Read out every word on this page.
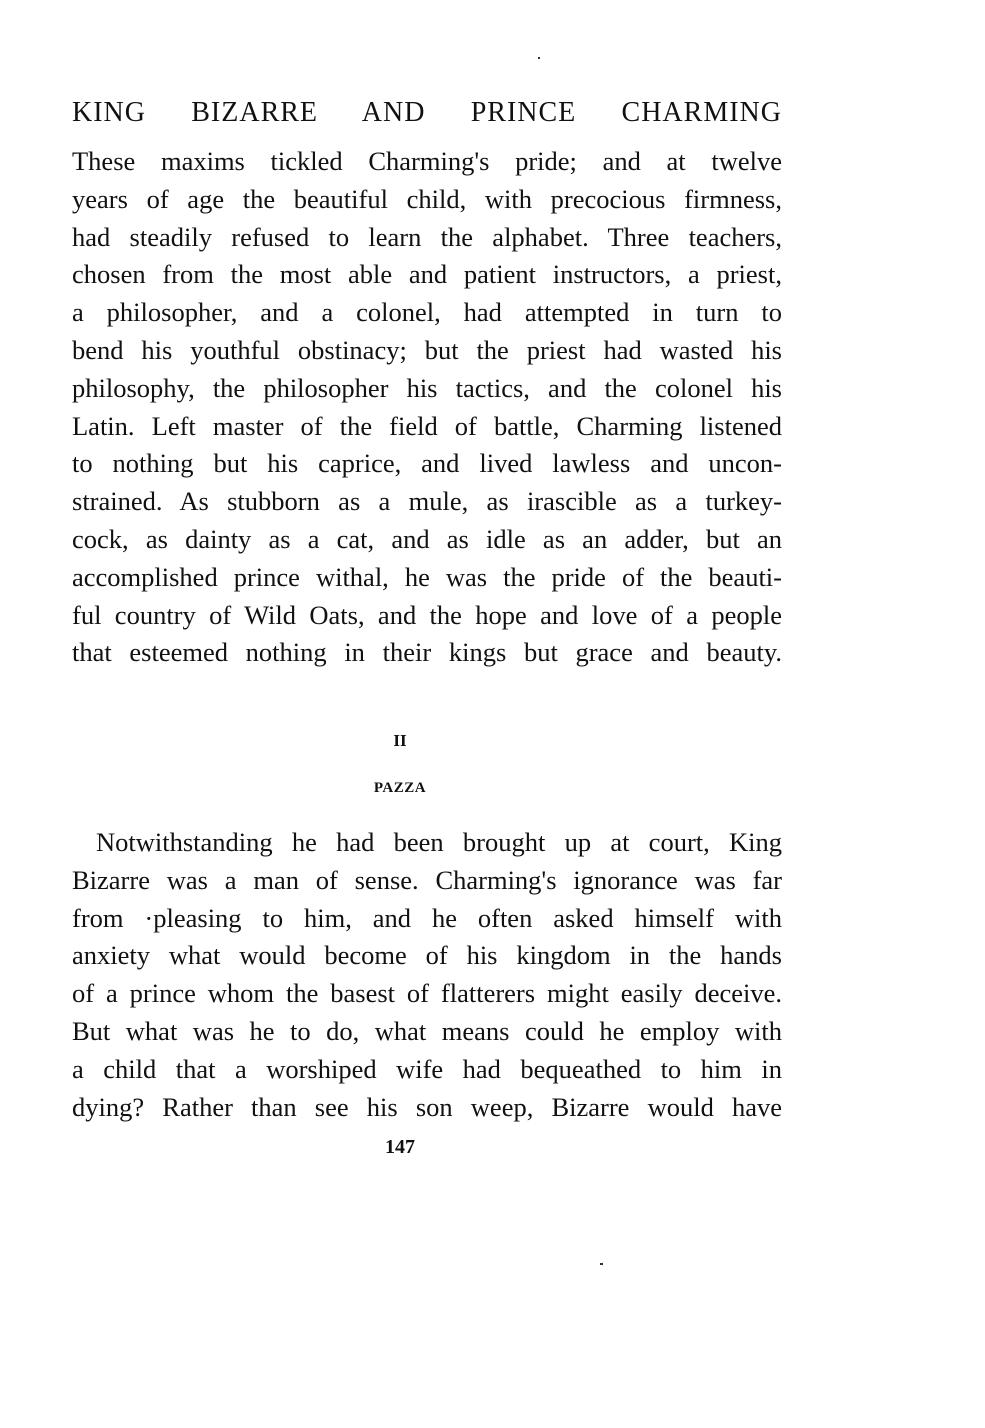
KING BIZARRE AND PRINCE CHARMING
These maxims tickled Charming's pride; and at twelve
years of age the beautiful child, with precocious firmness,
had steadily refused to learn the alphabet. Three teachers,
chosen from the most able and patient instructors, a priest,
a philosopher, and a colonel, had attempted in turn to
bend his youthful obstinacy; but the priest had wasted his
philosophy, the philosopher his tactics, and the colonel his
Latin. Left master of the field of battle, Charming listened
to nothing but his caprice, and lived lawless and uncon-
strained. As stubborn as a mule, as irascible as a turkey-
cock, as dainty as a cat, and as idle as an adder, but an
accomplished prince withal, he was the pride of the beauti-
ful country of Wild Oats, and the hope and love of a people
that esteemed nothing in their kings but grace and beauty.
II
PAZZA
Notwithstanding he had been brought up at court, King
Bizarre was a man of sense. Charming's ignorance was far
from ·pleasing to him, and he often asked himself with
anxiety what would become of his kingdom in the hands
of a prince whom the basest of flatterers might easily deceive.
But what was he to do, what means could he employ with
a child that a worshiped wife had bequeathed to him in
dying? Rather than see his son weep, Bizarre would have
147
